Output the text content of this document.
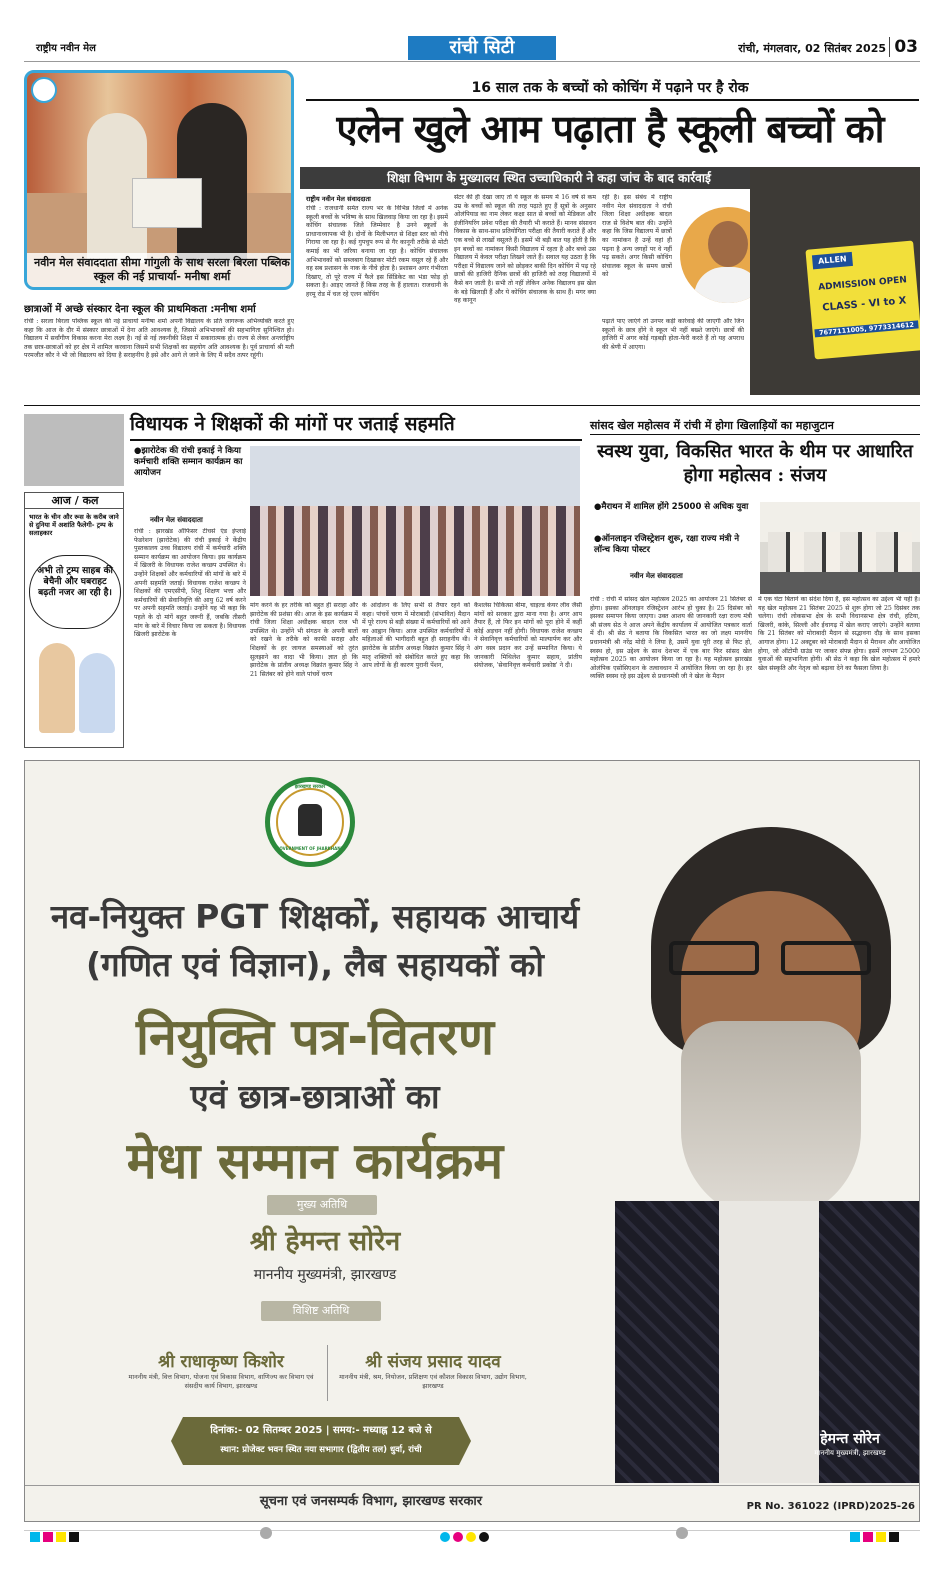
राष्ट्रीय नवीन मेल	रांची सिटी	रांची, मंगलवार, 02 सितंबर 2025 03
नवीन मेल संवाददाता सीमा गांगुली के साथ सरला बिरला पब्लिक स्कूल की नई प्राचार्या- मनीषा शर्मा
छात्राओं में अच्छे संस्कार देना स्कूल की प्राथमिकता :मनीषा शर्मा
रांची : सरला बिरला पब्लिक स्कूल की नई प्राचार्या मनीषा शर्मा अपनी विद्यालय के प्रति जागरूक अभिव्यक्ति करते हुए कहा कि आज के दौर में संस्कार छात्राओं में देना अति आवश्यक है, जिससे अभिभावकों की सहभागिता सुनिश्चित हो। विद्यालय में सर्वांगीण विकास करना मेरा लक्ष्य है। नई से नई तकनीकी शिक्षा में सकारात्मक हो। राज्य से लेकर अन्तर्राष्ट्रीय तक छात्र-छात्राओं को हर क्षेत्र में शामिल करवाना जिसमें सभी शिक्षकों का सहयोग अति आवश्यक है। पूर्व प्राचार्या श्री मती परमजीत कौर ने भी जो विद्यालय को दिया है सराहनीय है इसे और आगे ले जाने के लिए मैं सदैव तत्पर रहूंगी।
16 साल तक के बच्चों को कोचिंग में पढ़ाने पर है रोक
एलेन खुले आम पढ़ाता है स्कूली बच्चों को
शिक्षा विभाग के मुख्यालय स्थित उच्चाधिकारी ने कहा जांच के बाद कार्रवाई
राष्ट्रीय नवीन मेल संवाददाता
रांची : राजधानी समेत राज्य भर के विभिन्न जिलों में अनेक स्कूली बच्चों के भविष्य के साथ खिलवाड़ किया जा रहा है। इसमें कोचिंग संचालक जिले जिम्मेवार है उनने स्कूलों के प्राधानाध्यापक भी है। दोनों के मिलीभगत से शिक्षा स्तर को नीचे गिराया जा रहा है। कई गुपचुप रूप से गैर कानूनी तरीके से मोटी कमाई का भी जरिया बनाया जा रहा है। कोचिंग संचालक अभिभावकों को सब्जबाग दिखाकर मोटी रकम वसूल रहे हैं और वह सब प्रशासन के नाक के नीचे होता है। प्रशासन अगर गंभीरता दिखाए, तो पूरे राज्य में फैले इस सिंडिकेट का भंडा फोड़ हो सकता है। आइए जानते हैं किस तरह के हैं हालात। राजधानी के हरमू रोड में चल रहे एलन कोचिंग
सेंटर की ही देखा जाए तो ये स्कूल के समय में 16 वर्ष से कम उम्र के बच्चों को स्कूल की तरह पढ़ाते हुए हैं सूत्रों के अनुसार ओलंपियाड का नाम लेकर कक्षा सात से बच्चों को मेडिकल और इंजीनियरिंग प्रवेश परीक्षा की तैयारी भी कराते हैं। मानव संसाधन विकास के साथ-साथ प्रतियोगिता परीक्षा की तैयारी कराते हैं और एक बच्चे से लाखों वसूलते हैं। इसमें भी बड़ी बात यह होती है कि इन बच्चों का नामांकन किसी विद्यालय में रहता है और बच्चे उस विद्यालय में केवल परीक्षा लिखने जाते हैं। सवाल यह उठता है कि परीक्षा में विद्यालय जाने को छोड़कर बाकी दिन कोचिंग में पढ़ रहे छात्रों की हाजिरी दैनिक छात्रों की हाजिरी को तरह विद्यालयों में कैसे बन जाती है। सभी तो नहीं लेकिन अनेक विद्यालय इस खेल के बड़े खिलाड़ी हैं और ये कोचिंग संचालक के साथ हैं। मगर क्या वह कानून
रही है। इस संबंध में राष्ट्रीय नवीन मेल संवाददाता ने रांची जिला शिक्षा अधीक्षक बादल राज से विशेष बात की। उन्होंने कहा कि जिस विद्यालय में छात्रों का नामांकन है उन्हें वहां ही पढ़ना है अन्य जगहों पर वे नहीं पढ़ सकते। अगर किसी कोचिंग संचालक स्कूल के समय छात्रों को
पढ़ाते पाए जाएंगे तो उनपर कड़ी कार्रवाई की जाएगी और जिन स्कूलों के छात्र होंगे वे स्कूल भी नहीं बख्शे जाएंगे। छात्रों की हाजिरी में अगर कोई गड़बड़ी होता-फेरी करते हैं तो यह अपराध की श्रेणी में आएगा।
ALLEN
ADMISSION OPEN
CLASS - VI to X
7677111005, 9773314612
आज / कल
भारत के चीन और रूस के करीब जाने से दुनिया में अशांति फैलेगी- ट्रम्प के सलाहकार
अभी तो ट्रम्प साहब की बेचैनी और घबराहट बढ़ती नजर आ रही है।
विधायक ने शिक्षकों की मांगों पर जताई सहमति
● झारोटेक की रांची इकाई ने किया कर्मचारी शक्ति सम्मान कार्यक्रम का आयोजन
नवीन मेल संवाददाता
रांची : झारखंड ऑफिसर टीचर्स एंड इंप्लाई फेडरेशन (झारोटेक) की रांची इकाई ने केंद्रीय पुस्तकालय उच्च विद्यालय रांची में कर्मचारी शक्ति सम्मान कार्यक्रम का आयोजन किया। इस कार्यक्रम में खिजरी के विधायक राजेश कच्छप उपस्थित थे। उन्होंने शिक्षकों और कर्मचारियों की मांगों के बारे में अपनी सहमति जताई। विधायक राजेश कच्छप ने शिक्षकों की एमएसीपी, शिशु शिक्षण भत्ता और कर्मचारियों की सेवानिवृत्ति की आयु 62 वर्ष करने पर अपनी सहमति जताई। उन्होंने यह भी कहा कि पहले के दो मांगें बहुत जरूरी हैं, जबकि तीसरी मांग के बारे में विचार किया जा सकता है। विधायक खिजरी झारोटेक के
मांग करने के हर तरीके को बहुत ही सराहा और झारोटेक की प्रशंसा की। आज के इस कार्यक्रम में रांची जिला शिक्षा अधीक्षक बादल राज भी उपस्थित थे। उन्होंने भी संगठन के अपनी बातों को रखने के तरीके को काफी सराहा और शिक्षकों के हर जायज समस्याओं को तुरंत सुलझाने का वादा भी किया। ज्ञात हो कि झारोटेक के प्रांतीय अध्यक्ष विक्रांत कुमार सिंह ने 21 सितंबर को होने वाले पांचवें चरण
के आंदोलन के लिए सभी से तैयार रहने को कहा। पांचवें चरण में मोराबादी (संभावित) मैदान में पूरे राज्य से बड़ी संख्या में कर्मचारियों को आने का आह्वान किया। आज उपस्थित कर्मचारियों में महिलाओं की भागीदारी बहुत ही सराहनीय थी। झारोटेक के प्रांतीय अध्यक्ष विक्रांत कुमार सिंह ने मातृ शक्तियों को संबोधित करते हुए कहा कि आप लोगों के ही कारण पुरानी पेंशन,
कैशलेस चिकित्सा बीमा, चाइल्ड केयर लीव जैसी मांगों को सरकार द्वारा माना गया है। अगर आप तैयार हैं, तो फिर इन मांगों को पूरा होने में कहीं कोई अड़चन नहीं होगी। विधायक राजेश कच्छप ने सेवानिवृत्त कर्मचारियों को माल्यार्पण कर और अंग वस्त्र प्रदान कर उन्हें सम्मानित किया। ये जानकारी मिथिलेश कुमार सहाय, प्रांतीय संयोजक, 'सेवानिवृत्त कर्मचारी प्रकोष्ठ' ने दी।
सांसद खेल महोत्सव में रांची में होगा खिलाड़ियों का महाजुटान
स्वस्थ युवा, विकसित भारत के थीम पर आधारित होगा महोत्सव : संजय
● मैराथन में शामिल होंगे 25000 से अधिक युवा
● ऑनलाइन रजिस्ट्रेशन शुरू, रक्षा राज्य मंत्री ने लॉन्च किया पोस्टर
नवीन मेल संवाददाता
रांची : रांची में सांसद खेल महोत्सव 2025 का आयोजन 21 सितंबर से होगा। इसका ऑनलाइन रजिस्ट्रेशन आरंभ हो चुका है। 25 दिसंबर को इसका समापन किया जाएगा। उक्त आशय की जानकारी रक्षा राज्य मंत्री श्री संजय सेठ ने आज अपने केंद्रीय कार्यालय में आयोजित पत्रकार वार्ता में दी। श्री सेठ ने बताया कि विकसित भारत का जो लक्ष्य माननीय प्रधानमंत्री श्री नरेंद्र मोदी ने लिया है, उसमें युवा पूरी तरह से फिट हो, स्वस्थ हो, इस उद्देश्य के साथ देशभर में एक बार फिर सांसद खेल महोत्सव 2025 का आयोजन किया जा रहा है। यह महोत्सव झारखंड ओलंपिक एसोसिएशन के तत्वावधान में आयोजित किया जा रहा है। हर व्यक्ति स्वस्थ रहे इस उद्देश्य से प्रधानमंत्री जी ने खेल के मैदान
में एक घंटा बिताने का संदेश दिया है, इस महोत्सव का उद्देश्य भी यही है। यह खेल महोत्सव 21 सितंबर 2025 से शुरू होगा जो 25 दिसंबर तक चलेगा। रांची लोकसभा क्षेत्र के सभी विधानसभा क्षेत्र रांची, हटिया, खिजरी, कांके, सिल्ली और ईचागढ़ में खेल कराए जाएंगे। उन्होंने बताया कि 21 सितंबर को मोराबादी मैदान से सद्भावना दौड़ के साथ इसका आगाज होगा। 12 अक्टूबर को मोराबादी मैदान से मैराथन और आयोजित होगा, जो ऑटोमी ग्राउंड पर जाकर संपन्न होगा। इसमें लगभग 25000 युवाओं की सहभागिता होगी। श्री सेठ ने कहा कि खेल महोत्सव में हमारे खेल संस्कृति और नेतृत्व को बढ़ावा देने का फैसला लिया है।
झारखण्ड सरकार
GOVERNMENT OF JHARKHAND
नव-नियुक्त PGT शिक्षकों, सहायक आचार्य
(गणित एवं विज्ञान), लैब सहायकों को
नियुक्ति पत्र-वितरण
एवं छात्र-छात्राओं का
मेधा सम्मान कार्यक्रम
मुख्य अतिथि
श्री हेमन्त सोरेन
माननीय मुख्यमंत्री, झारखण्ड
विशिष्ट अतिथि
श्री राधाकृष्ण किशोर
माननीय मंत्री, वित्त विभाग, योजना एवं विकास विभाग, वाणिज्य कर विभाग एवं संसदीय कार्य विभाग, झारखण्ड
श्री संजय प्रसाद यादव
माननीय मंत्री, श्रम, नियोजन, प्रशिक्षण एवं कौशल विकास विभाग, उद्योग विभाग, झारखण्ड
दिनांक:- 02 सितम्बर 2025 | समय:- मध्याह्न 12 बजे से
स्थान: प्रोजेक्ट भवन स्थित नया सभागार (द्वितीय तल) धुर्वा, रांची
हेमन्त सोरेन
माननीय मुख्यमंत्री, झारखण्ड
सूचना एवं जनसम्पर्क विभाग, झारखण्ड सरकार	PR No. 361022 (IPRD)2025-26
